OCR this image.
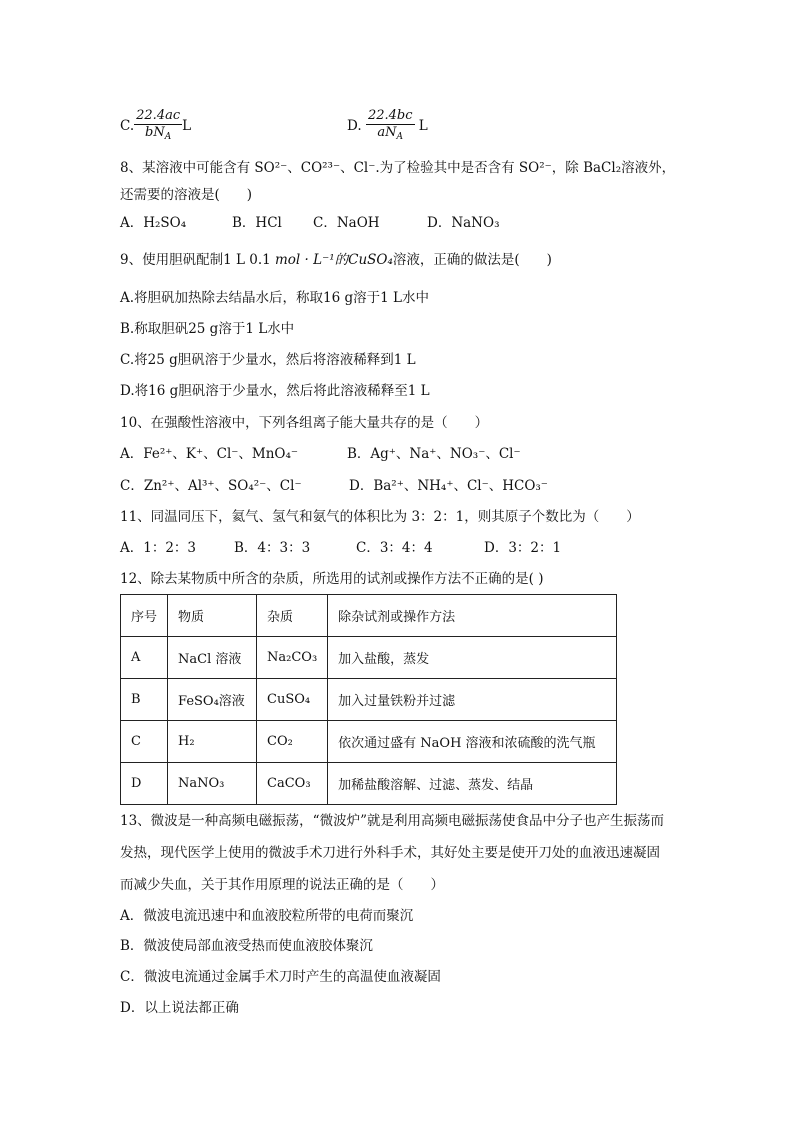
C. $\frac{22.4ac}{bN_A}$ L	D. $\frac{22.4bc}{aN_A}$ L
8、某溶液中可能含有 SO²⁻、CO²³⁻、Cl⁻.为了检验其中是否含有 SO²⁻，除 BaCl₂溶液外，
还需要的溶液是(　　)
A．H₂SO₄	B．HCl C．NaOH	D．NaNO₃
9、使用胆矾配制1 L 0.1 mol · L⁻¹的CuSO₄溶液，正确的做法是(　　)
A.将胆矾加热除去结晶水后，称取16 g溶于1 L水中
B.称取胆矾25 g溶于1 L水中
C.将25 g胆矾溶于少量水，然后将溶液稀释到1 L
D.将16 g胆矾溶于少量水，然后将此溶液稀释至1 L
10、在强酸性溶液中，下列各组离子能大量共存的是（　　）
A．Fe²⁺、K⁺、Cl⁻、MnO₄⁻	B．Ag⁺、Na⁺、NO₃⁻、Cl⁻
C．Zn²⁺、Al³⁺、SO₄²⁻、Cl⁻	D．Ba²⁺、NH₄⁺、Cl⁻、HCO₃⁻
11、同温同压下，氦气、氢气和氨气的体积比为 3：2：1，则其原子个数比为（　　）
A．1：2：3	B．4：3：3	C．3：4：4	D．3：2：1
12、除去某物质中所含的杂质，所选用的试剂或操作方法不正确的是( )
序号	物质	杂质	除杂试剂或操作方法
A	NaCl 溶液	Na₂CO₃	加入盐酸，蒸发
B	FeSO₄溶液	CuSO₄	加入过量铁粉并过滤
C	H₂	CO₂	依次通过盛有 NaOH 溶液和浓硫酸的洗气瓶
D	NaNO₃	CaCO₃	加稀盐酸溶解、过滤、蒸发、结晶
13、微波是一种高频电磁振荡，“微波炉”就是利用高频电磁振荡使食品中分子也产生振荡而
发热，现代医学上使用的微波手术刀进行外科手术，其好处主要是使开刀处的血液迅速凝固
而减少失血，关于其作用原理的说法正确的是（　　）
A．微波电流迅速中和血液胶粒所带的电荷而聚沉
B．微波使局部血液受热而使血液胶体聚沉
C．微波电流通过金属手术刀时产生的高温使血液凝固
D．以上说法都正确
